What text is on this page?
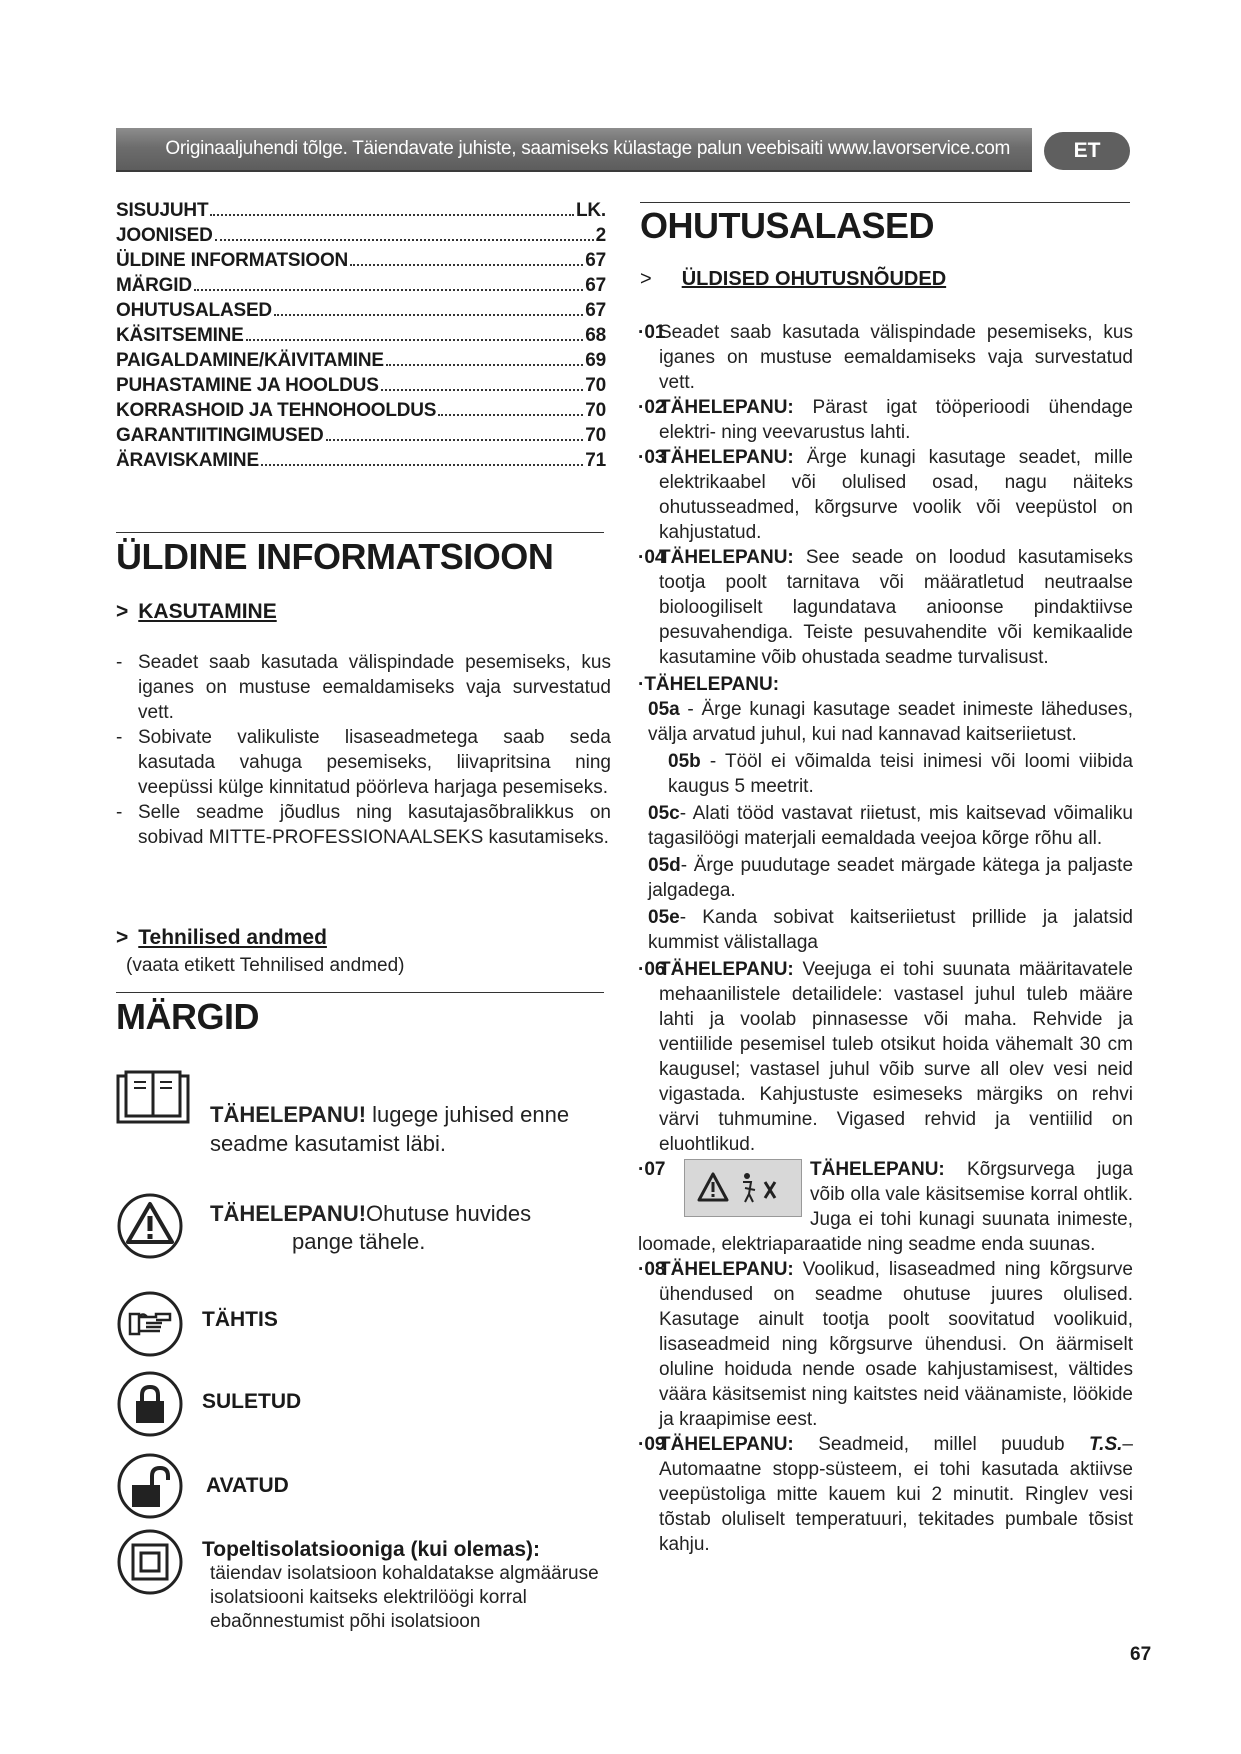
Originaaljuhendi tõlge. Täiendavate juhiste, saamiseks külastage palun veebisaiti www.lavorservice.com	ET
SISUJUHT	LK.
JOONISED	2
ÜLDINE INFORMATSIOON	67
MÄRGID	67
OHUTUSALASED	67
KÄSITSEMINE	68
PAIGALDAMINE/KÄIVITAMINE	69
PUHASTAMINE JA HOOLDUS	70
KORRASHOID JA TEHNOHOOLDUS	70
GARANTIITINGIMUSED	70
ÄRAVISKAMINE	71
ÜLDINE INFORMATSIOON
> KASUTAMINE
- Seadet saab kasutada välispindade pesemiseks, kus iganes on mustuse eemaldamiseks vaja survestatud vett.
- Sobivate valikuliste lisaseadmetega saab seda kasutada vahuga pesemiseks, liivapritsina ning veepüssi külge kinnitatud pöörleva harjaga pesemiseks.
- Selle seadme jõudlus ning kasutajasõbralikkus on sobivad MITTE-PROFESSIONAALSEKS kasutamiseks.
> Tehnilised andmed
(vaata etikett Tehnilised andmed)
MÄRGID
TÄHELEPANU! lugege juhised enne seadme kasutamist läbi.
TÄHELEPANU!Ohutuse huvides
pange tähele.
TÄHTIS
SULETUD
AVATUD
Topeltisolatsiooniga (kui olemas):
täiendav isolatsioon kohaldatakse algmääruse isolatsiooni kaitseks elektrilöögi korral ebaõnnestumist põhi isolatsioon
OHUTUSALASED
> ÜLDISED OHUTUSNÕUDED
·01
Seadet saab kasutada välispindade pesemiseks, kus iganes on mustuse eemaldamiseks vaja survestatud vett.
·02
TÄHELEPANU: Pärast igat tööperioodi ühendage elektri- ning veevarustus lahti.
·03
TÄHELEPANU: Ärge kunagi kasutage seadet, mille elektrikaabel või olulised osad, nagu näiteks ohutusseadmed, kõrgsurve voolik või veepüstol on kahjustatud.
·04
TÄHELEPANU: See seade on loodud kasutamiseks tootja poolt tarnitava või määratletud neutraalse bioloogiliselt lagundatava anioonse pindaktiivse pesuvahendiga. Teiste pesuvahendite või kemikaalide kasutamine võib ohustada seadme turvalisust.
·TÄHELEPANU:
05a - Ärge kunagi kasutage seadet inimeste läheduses, välja arvatud juhul, kui nad kannavad kaitseriietust.
05b - Tööl ei võimalda teisi inimesi või loomi viibida kaugus 5 meetrit.
05c- Alati tööd vastavat riietust, mis kaitsevad võimaliku tagasilöögi materjali eemaldada veejoa kõrge rõhu all.
05d- Ärge puudutage seadet märgade kätega ja paljaste jalgadega.
05e- Kanda sobivat kaitseriietust prillide ja jalatsid kummist välistallaga
·06
TÄHELEPANU: Veejuga ei tohi suunata määritavatele mehaanilistele detailidele: vastasel juhul tuleb määre lahti ja voolab pinnasesse või maha. Rehvide ja ventiilide pesemisel tuleb otsikut hoida vähemalt 30 cm kaugusel; vastasel juhul võib surve all olev vesi neid vigastada. Kahjustuste esimeseks märgiks on rehvi värvi tuhmumine. Vigased rehvid ja ventiilid on eluohtlikud.
·07	TÄHELEPANU: Kõrgsurvega juga võib olla vale käsitsemise korral ohtlik. Juga ei tohi kunagi suunata inimeste, loomade, elektriaparaatide ning seadme enda suunas.
·08
TÄHELEPANU: Voolikud, lisaseadmed ning kõrgsurve ühendused on seadme ohutuse juures olulised. Kasutage ainult tootja poolt soovitatud voolikuid, lisaseadmeid ning kõrgsurve ühendusi. On äärmiselt oluline hoiduda nende osade kahjustamisest, vältides väära käsitsemist ning kaitstes neid väänamiste, löökide ja kraapimise eest.
·09
TÄHELEPANU: Seadmeid, millel puudub T.S.– Automaatne stopp-süsteem, ei tohi kasutada aktiivse veepüstoliga mitte kauem kui 2 minutit. Ringlev vesi tõstab oluliselt temperatuuri, tekitades pumbale tõsist kahju.
67
